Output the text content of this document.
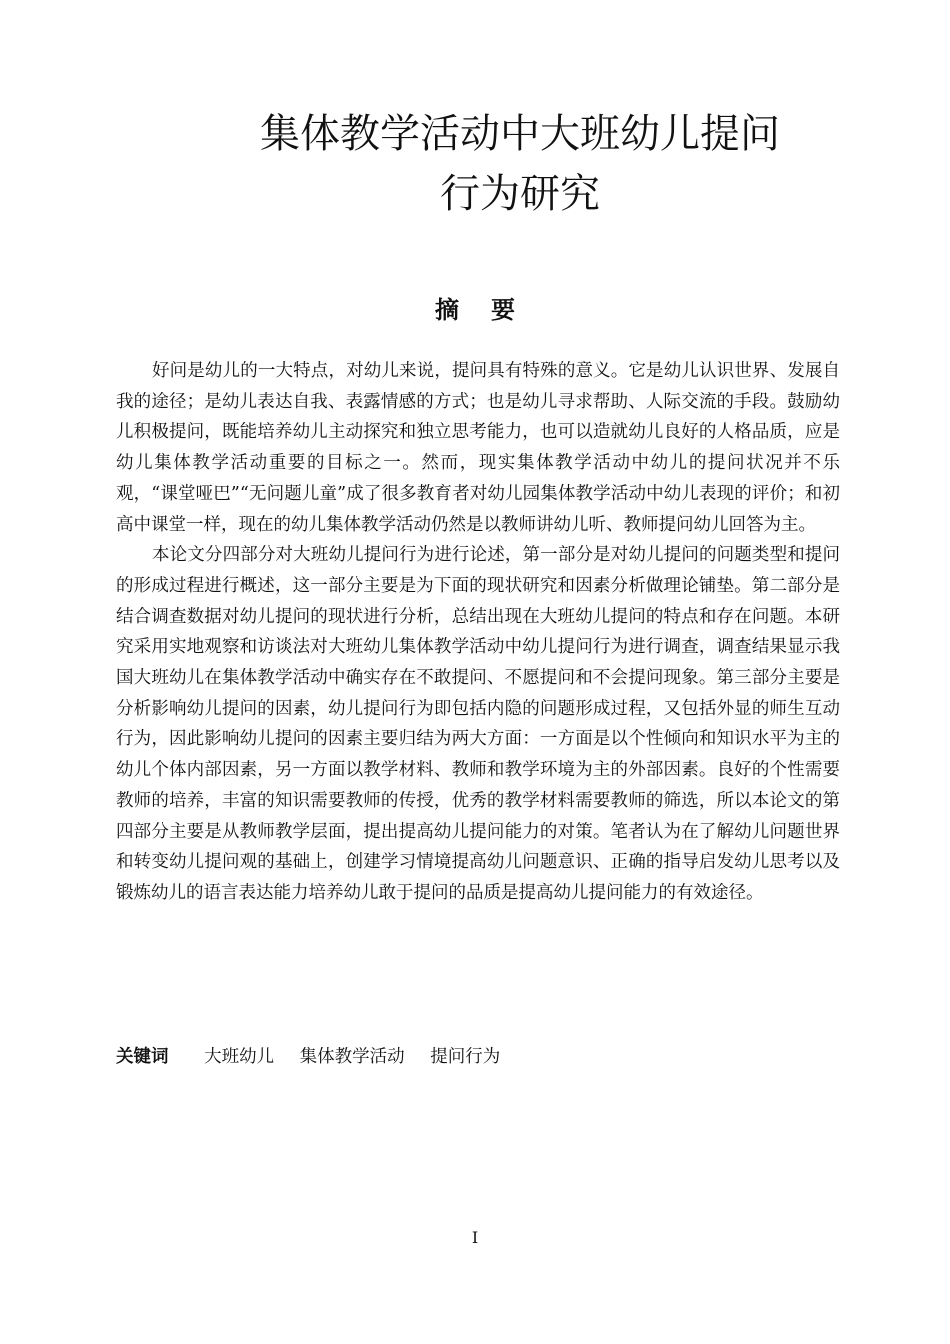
集体教学活动中大班幼儿提问
行为研究
摘 要

好问是幼儿的一大特点，对幼儿来说，提问具有特殊的意义。它是幼儿认识世界、发展自我的途径；是幼儿表达自我、表露情感的方式；也是幼儿寻求帮助、人际交流的手段。鼓励幼儿积极提问，既能培养幼儿主动探究和独立思考能力，也可以造就幼儿良好的人格品质，应是幼儿集体教学活动重要的目标之一。然而，现实集体教学活动中幼儿的提问状况并不乐观，“课堂哑巴”“无问题儿童”成了很多教育者对幼儿园集体教学活动中幼儿表现的评价；和初高中课堂一样，现在的幼儿集体教学活动仍然是以教师讲幼儿听、教师提问幼儿回答为主。

本论文分四部分对大班幼儿提问行为进行论述，第一部分是对幼儿提问的问题类型和提问的形成过程进行概述，这一部分主要是为下面的现状研究和因素分析做理论铺垫。第二部分是结合调查数据对幼儿提问的现状进行分析，总结出现在大班幼儿提问的特点和存在问题。本研究采用实地观察和访谈法对大班幼儿集体教学活动中幼儿提问行为进行调查，调查结果显示我国大班幼儿在集体教学活动中确实存在不敢提问、不愿提问和不会提问现象。第三部分主要是分析影响幼儿提问的因素，幼儿提问行为即包括内隐的问题形成过程，又包括外显的师生互动行为，因此影响幼儿提问的因素主要归结为两大方面：一方面是以个性倾向和知识水平为主的幼儿个体内部因素，另一方面以教学材料、教师和教学环境为主的外部因素。良好的个性需要教师的培养，丰富的知识需要教师的传授，优秀的教学材料需要教师的筛选，所以本论文的第四部分主要是从教师教学层面，提出提高幼儿提问能力的对策。笔者认为在了解幼儿问题世界和转变幼儿提问观的基础上，创建学习情境提高幼儿问题意识、正确的指导启发幼儿思考以及锻炼幼儿的语言表达能力培养幼儿敢于提问的品质是提高幼儿提问能力的有效途径。

关键词 大班幼儿 集体教学活动 提问行为
I
